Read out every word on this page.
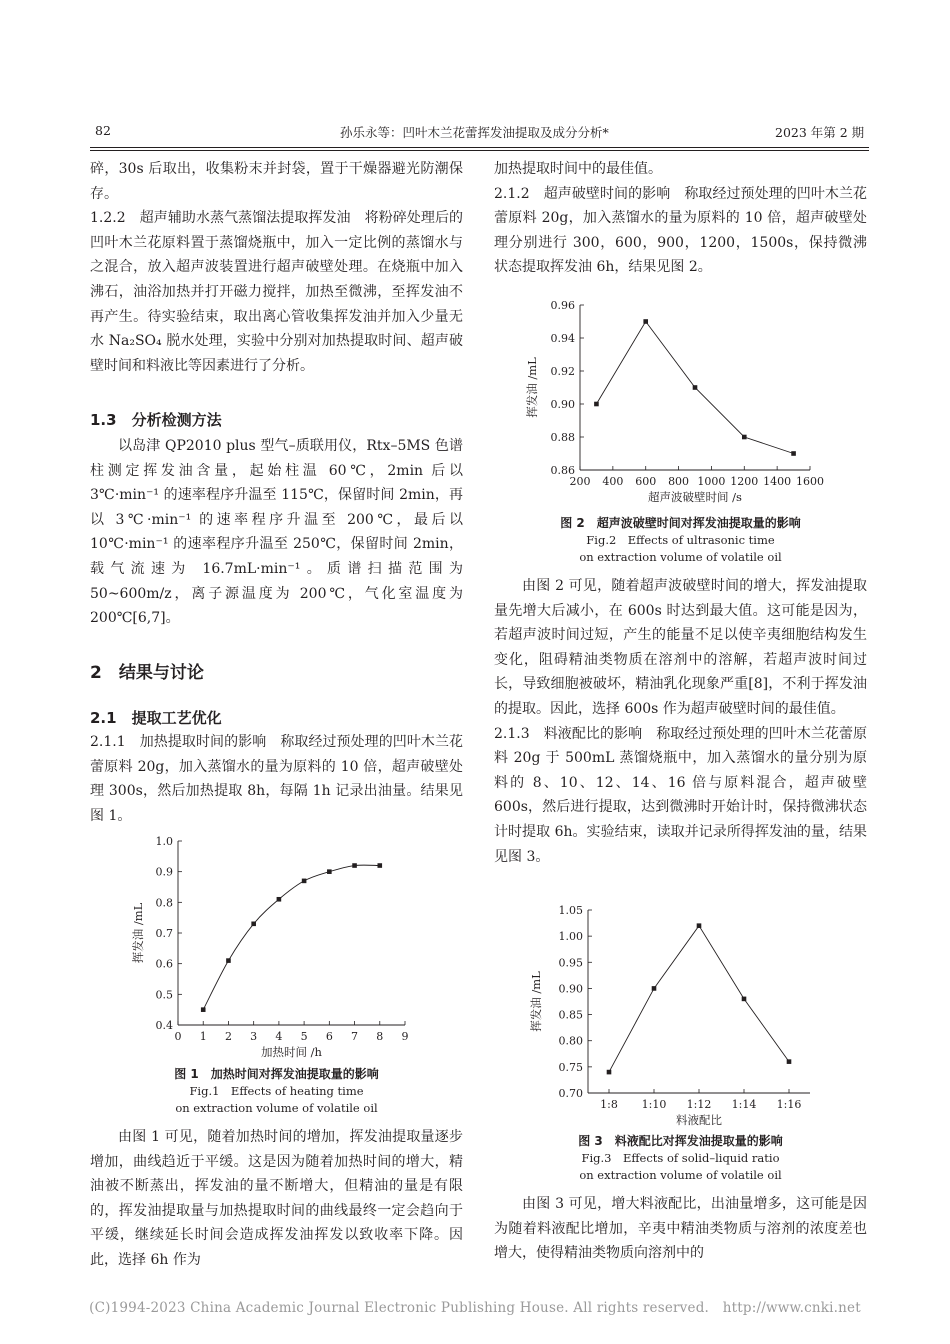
82	孙乐永等：凹叶木兰花蕾挥发油提取及成分分析*	2023 年第 2 期

碎，30s 后取出，收集粉末并封袋，置于干燥器避光防潮保存。

1.2.2　超声辅助水蒸气蒸馏法提取挥发油　 将粉碎处理后的凹叶木兰花原料置于蒸馏烧瓶中，加入一定比例的蒸馏水与之混合，放入超声波装置进行超声破壁处理。在烧瓶中加入沸石，油浴加热并打开磁力搅拌，加热至微沸，至挥发油不再产生。待实验结束，取出离心管收集挥发油并加入少量无水 Na₂SO₄ 脱水处理，实验中分别对加热提取时间、超声破壁时间和料液比等因素进行了分析。

1.3　分析检测方法

以岛津 QP2010 plus 型气–质联用仪，Rtx–5MS 色谱柱测定挥发油含量，起始柱温 60℃，2min 后以 3℃·min⁻¹ 的速率程序升温至 115℃，保留时间 2min，再以 3℃·min⁻¹ 的速率程序升温至 200℃，最后以 10℃·min⁻¹ 的速率程序升温至 250℃，保留时间 2min，载气流速为 16.7mL·min⁻¹。质谱扫描范围为 50~600m/z，离子源温度为 200℃，气化室温度为 200℃[6,7]。

2　结果与讨论
2.1　提取工艺优化

2.1.1　加热提取时间的影响　 称取经过预处理的凹叶木兰花蕾原料 20g，加入蒸馏水的量为原料的 10 倍，超声破壁处理 300s，然后加热提取 8h，每隔 1h 记录出油量。结果见图 1。

0.4
0.5
0.6
0.7
0.8
0.9
1.0
0 1 2 3 4 5 6 7 8 9
加热时间 /h
挥发油 /mL
图 1　加热时间对挥发油提取量的影响
Fig.1　Effects of heating time
on extraction volume of volatile oil

由图 1 可见，随着加热时间的增加，挥发油提取量逐步增加，曲线趋近于平缓。这是因为随着加热时间的增大，精油被不断蒸出，挥发油的量不断增大，但精油的量是有限的，挥发油提取量与加热提取时间的曲线最终一定会趋向于平缓，继续延长时间会造成挥发油挥发以致收率下降。因此，选择 6h 作为

加热提取时间中的最佳值。

2.1.2　超声破壁时间的影响　 称取经过预处理的凹叶木兰花蕾原料 20g，加入蒸馏水的量为原料的 10 倍，超声破壁处理分别进行 300，600，900，1200，1500s，保持微沸状态提取挥发油 6h，结果见图 2。

0.86
0.88
0.90
0.92
0.94
0.96
200 400 600 800 1000 1200 1400 1600
超声波破壁时间 /s
挥发油 /mL
图 2　超声波破壁时间对挥发油提取量的影响
Fig.2　Effects of ultrasonic time
on extraction volume of volatile oil

由图 2 可见，随着超声波破壁时间的增大，挥发油提取量先增大后减小，在 600s 时达到最大值。这可能是因为，若超声波时间过短，产生的能量不足以使辛夷细胞结构发生变化，阻碍精油类物质在溶剂中的溶解，若超声波时间过长，导致细胞被破坏，精油乳化现象严重[8]，不利于挥发油的提取。因此，选择 600s 作为超声破壁时间的最佳值。

2.1.3　料液配比的影响　 称取经过预处理的凹叶木兰花蕾原料 20g 于 500mL 蒸馏烧瓶中，加入蒸馏水的量分别为原料的 8、10、12、14、16 倍与原料混合，超声破壁 600s，然后进行提取，达到微沸时开始计时，保持微沸状态计时提取 6h。实验结束，读取并记录所得挥发油的量，结果见图 3。

0.70
0.75
0.80
0.85
0.90
0.95
1.00
1.05
1:8 1:10 1:12 1:14 1:16
料液配比
挥发油 /mL
图 3　料液配比对挥发油提取量的影响
Fig.3　Effects of solid–liquid ratio
on extraction volume of volatile oil

由图 3 可见，增大料液配比，出油量增多，这可能是因为随着料液配比增加，辛夷中精油类物质与溶剂的浓度差也增大，使得精油类物质向溶剂中的

(C)1994-2023 China Academic Journal Electronic Publishing House. All rights reserved.　http://www.cnki.net
